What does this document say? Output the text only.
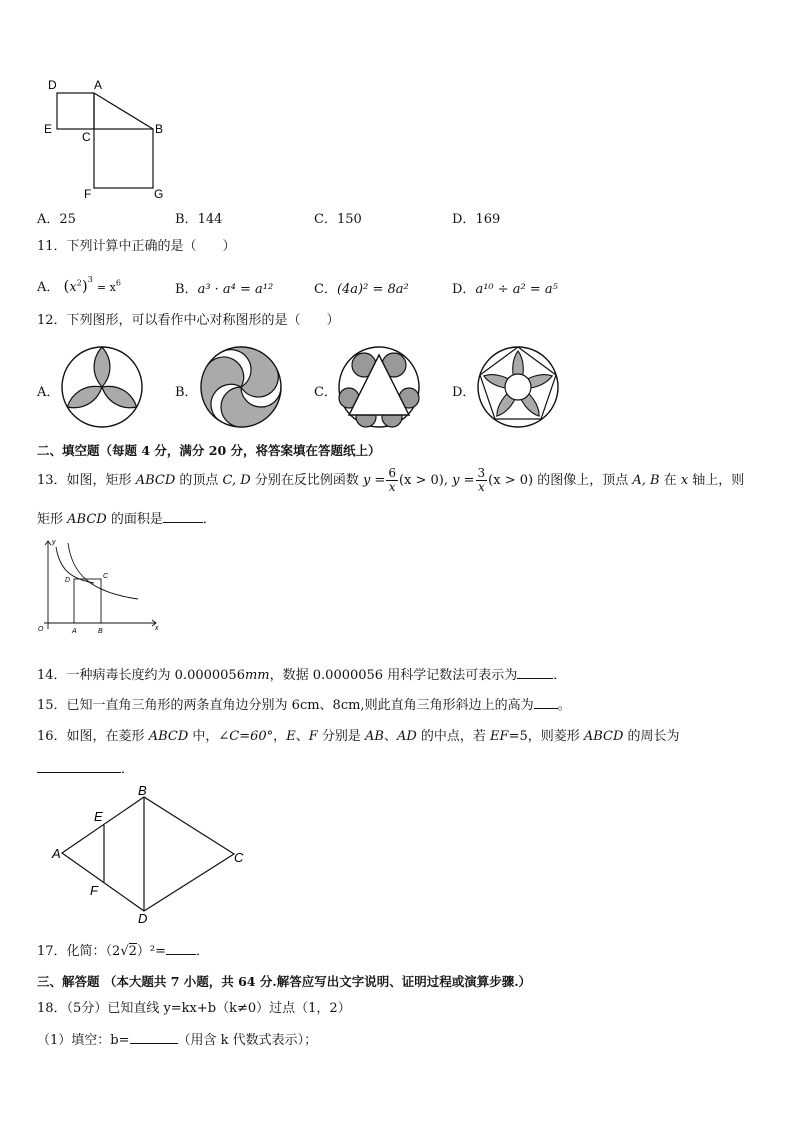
D	A
E
C
B
F	G
A．25	B．144	C．150	D．169
11．下列计算中正确的是（　　）
A． $(x^2)^3 = x^6$	B．a³ · a⁴ = a¹²	C．(4a)² = 8a²	D．a¹⁰ ÷ a² = a⁵
12．下列图形，可以看作中心对称图形的是（　　）
A．	B．	C．	D．
二、填空题（每题 4 分，满分 20 分，将答案填在答题纸上）
13．如图，矩形 ABCD 的顶点 C, D 分别在反比例函数 $y = \frac{6}{x} (x > 0)$, $y = \frac{3}{x} (x > 0)$ 的图像上，顶点 A, B 在 x 轴上，则
矩形 ABCD 的面积是	．
y
x
O	A	B
C
D
14．一种病毒长度约为 0.0000056mm，数据 0.0000056 用科学记数法可表示为	．
15．已知一直角三角形的两条直角边分别为 6cm、8cm,则此直角三角形斜边上的高为 。
16．如图，在菱形 ABCD 中，∠C=60°，E、F 分别是 AB、AD 的中点，若 EF=5，则菱形 ABCD 的周长为
．
A
B
C
D
E
F
17．化简：（2√2）²= ．
三、解答题 （本大题共 7 小题，共 64 分.解答应写出文字说明、证明过程或演算步骤.）
18．（5分）已知直线 y=kx+b（k≠0）过点（1，2）
（1）填空：b=	（用含 k 代数式表示）；
